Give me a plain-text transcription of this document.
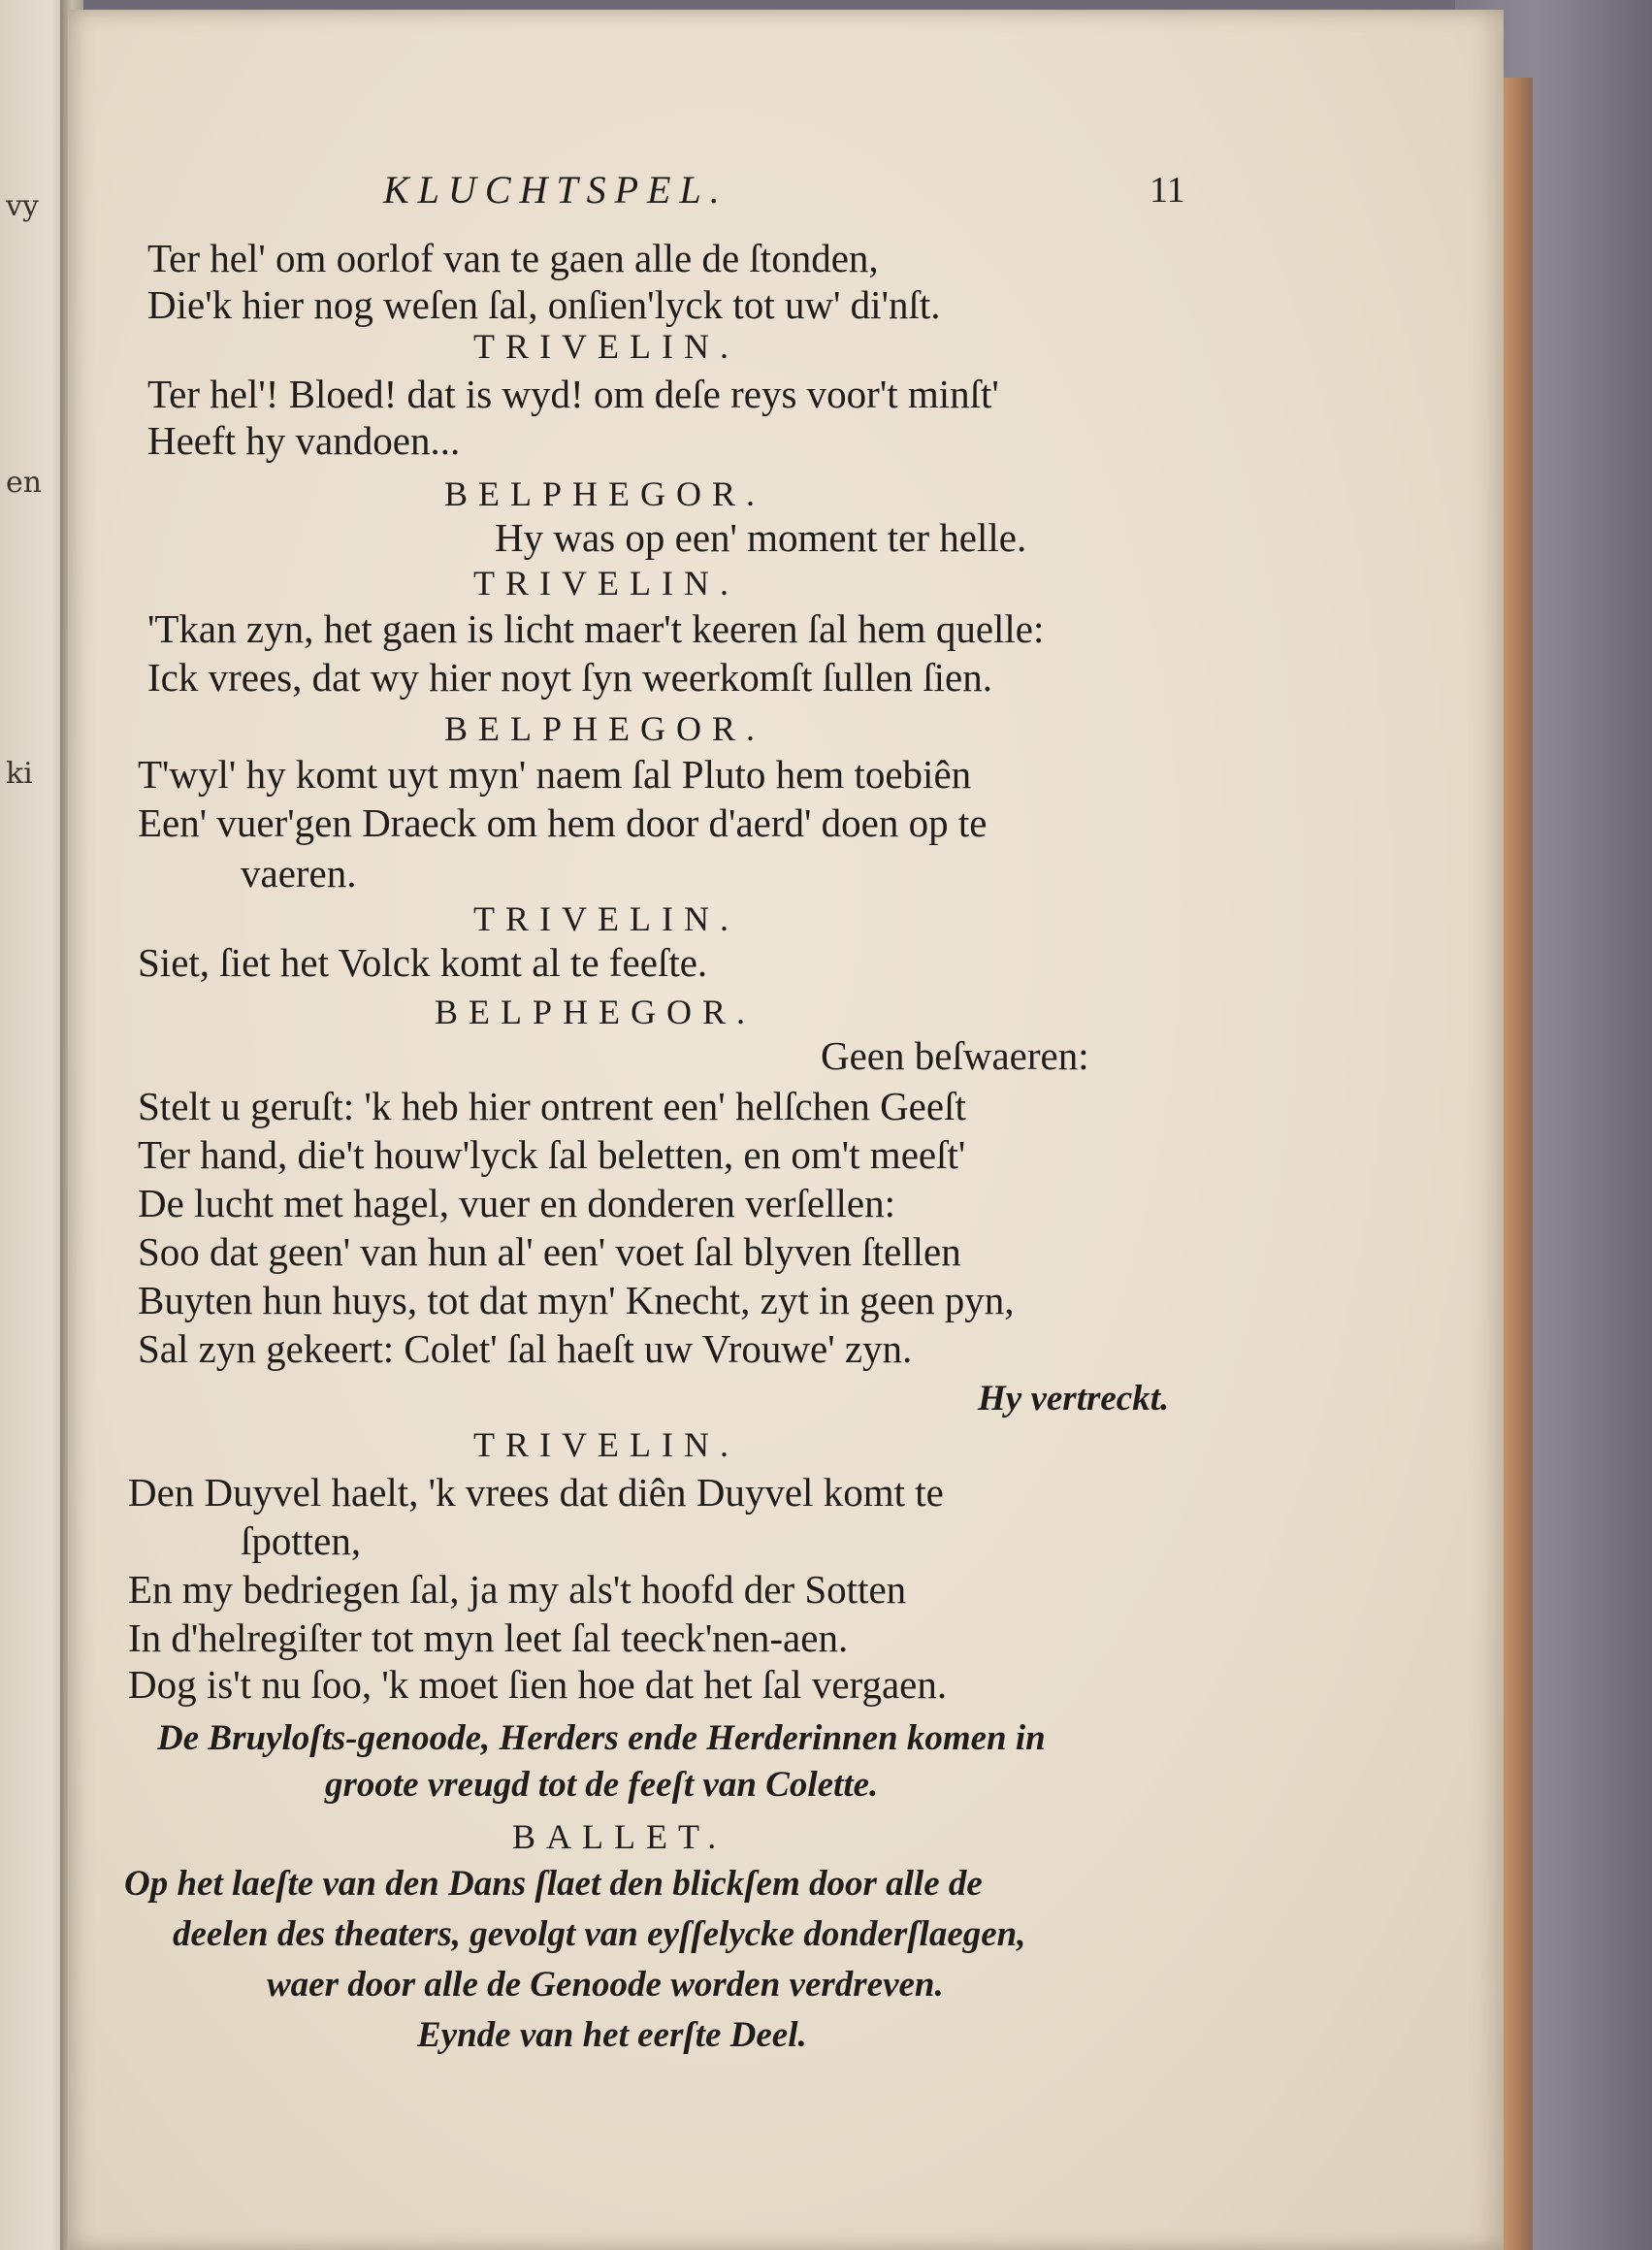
vy
en
ki
KLUCHTSPEL.	11
Ter hel' om oorlof van te gaen alle de ſtonden,
Die'k hier nog weſen ſal, onſien'lyck tot uw' di'nſt.
TRIVELIN.
Ter hel'! Bloed! dat is wyd! om deſe reys voor't minſt'
Heeft hy vandoen...
BELPHEGOR.
Hy was op een' moment ter helle.
TRIVELIN.
'Tkan zyn, het gaen is licht maer't keeren ſal hem quelle:
Ick vrees, dat wy hier noyt ſyn weerkomſt ſullen ſien.
BELPHEGOR.
T'wyl' hy komt uyt myn' naem ſal Pluto hem toebiên
Een' vuer'gen Draeck om hem door d'aerd' doen op te
vaeren.
TRIVELIN.
Siet, ſiet het Volck komt al te feeſte.
BELPHEGOR.
Geen beſwaeren:
Stelt u geruſt: 'k heb hier ontrent een' helſchen Geeſt
Ter hand, die't houw'lyck ſal beletten, en om't meeſt'
De lucht met hagel, vuer en donderen verſellen:
Soo dat geen' van hun al' een' voet ſal blyven ſtellen
Buyten hun huys, tot dat myn' Knecht, zyt in geen pyn,
Sal zyn gekeert: Colet' ſal haeſt uw Vrouwe' zyn.
Hy vertreckt.
TRIVELIN.
Den Duyvel haelt, 'k vrees dat diên Duyvel komt te
ſpotten,
En my bedriegen ſal, ja my als't hoofd der Sotten
In d'helregiſter tot myn leet ſal teeck'nen-aen.
Dog is't nu ſoo, 'k moet ſien hoe dat het ſal vergaen.
De Bruyloſts-genoode, Herders ende Herderinnen komen in
groote vreugd tot de feeſt van Colette.
BALLET.
Op het laeſte van den Dans ſlaet den blickſem door alle de
deelen des theaters, gevolgt van eyſſelycke donderſlaegen,
waer door alle de Genoode worden verdreven.
Eynde van het eerſte Deel.
